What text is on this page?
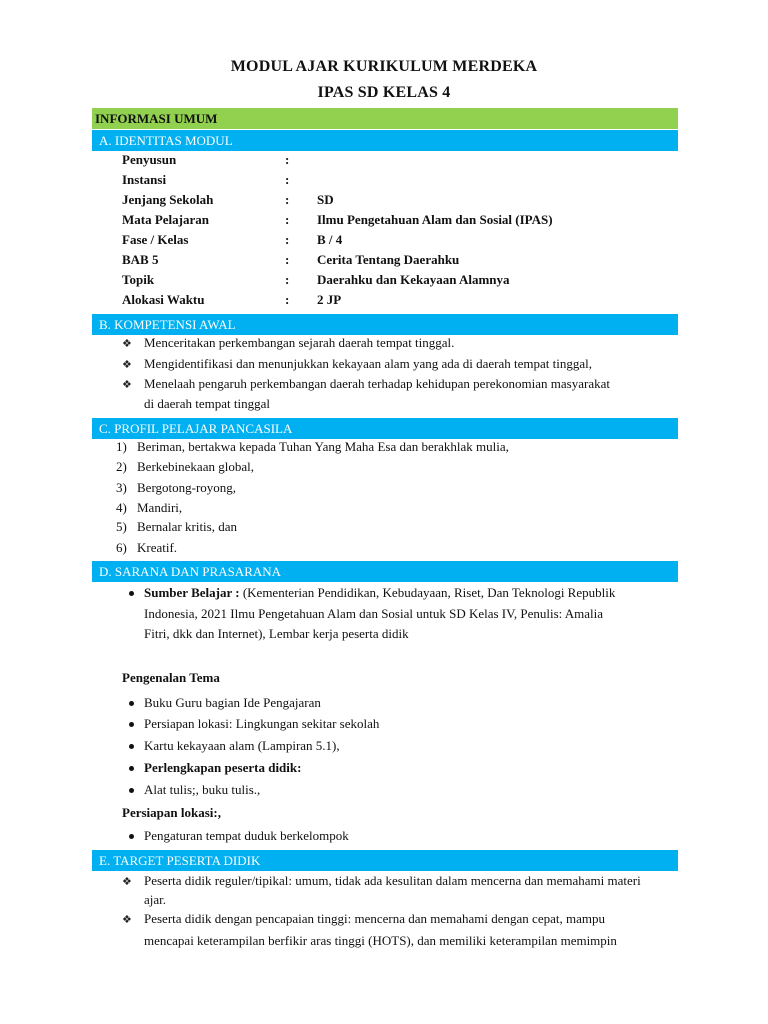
MODUL AJAR KURIKULUM MERDEKA
IPAS SD KELAS 4
INFORMASI UMUM
A. IDENTITAS MODUL
Penyusun	:
Instansi	:
Jenjang Sekolah	: SD
Mata Pelajaran	: Ilmu Pengetahuan Alam dan Sosial (IPAS)
Fase / Kelas	: B / 4
BAB 5	: Cerita Tentang Daerahku
Topik	: Daerahku dan Kekayaan Alamnya
Alokasi Waktu	: 2 JP
B. KOMPETENSI AWAL
❖ Menceritakan perkembangan sejarah daerah tempat tinggal.
❖ Mengidentifikasi dan menunjukkan kekayaan alam yang ada di daerah tempat tinggal,
❖ Menelaah pengaruh perkembangan daerah terhadap kehidupan perekonomian masyarakat
di daerah tempat tinggal
C. PROFIL PELAJAR PANCASILA
1) Beriman, bertakwa kepada Tuhan Yang Maha Esa dan berakhlak mulia,
2) Berkebinekaan global,
3) Bergotong-royong,
4) Mandiri,
5) Bernalar kritis, dan
6) Kreatif.
D. SARANA DAN PRASARANA
Sumber Belajar : (Kementerian Pendidikan, Kebudayaan, Riset, Dan Teknologi Republik
Indonesia, 2021 Ilmu Pengetahuan Alam dan Sosial untuk SD Kelas IV, Penulis: Amalia
Fitri, dkk dan Internet), Lembar kerja peserta didik
Pengenalan Tema
Buku Guru bagian Ide Pengajaran
Persiapan lokasi: Lingkungan sekitar sekolah
Kartu kekayaan alam (Lampiran 5.1),
Perlengkapan peserta didik:
Alat tulis;, buku tulis.,
Persiapan lokasi:,
Pengaturan tempat duduk berkelompok
E. TARGET PESERTA DIDIK
❖ Peserta didik reguler/tipikal: umum, tidak ada kesulitan dalam mencerna dan memahami materi
ajar.
❖ Peserta didik dengan pencapaian tinggi: mencerna dan memahami dengan cepat, mampu
mencapai keterampilan berfikir aras tinggi (HOTS), dan memiliki keterampilan memimpin
